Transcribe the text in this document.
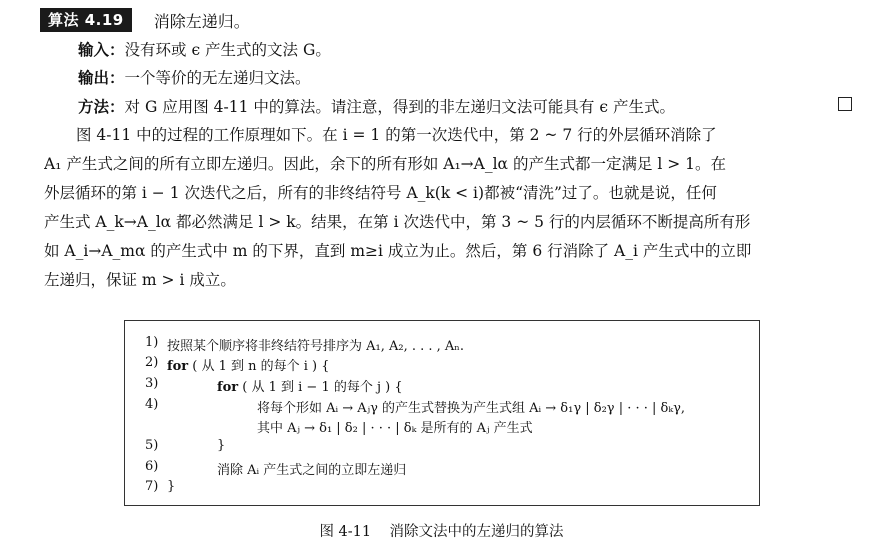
算法 4.19	消除左递归。
输入：没有环或 ϵ 产生式的文法 G。
输出：一个等价的无左递归文法。
方法：对 G 应用图 4-11 中的算法。请注意，得到的非左递归文法可能具有 ϵ 产生式。
图 4-11 中的过程的工作原理如下。在 i = 1 的第一次迭代中，第 2 ~ 7 行的外层循环消除了
A₁ 产生式之间的所有立即左递归。因此，余下的所有形如 A₁→A_lα 的产生式都一定满足 l > 1。在
外层循环的第 i − 1 次迭代之后，所有的非终结符号 A_k(k < i)都被“清洗”过了。也就是说，任何
产生式 A_k→A_lα 都必然满足 l > k。结果，在第 i 次迭代中，第 3 ~ 5 行的内层循环不断提高所有形
如 A_i→A_mα 的产生式中 m 的下界，直到 m≥i 成立为止。然后，第 6 行消除了 A_i 产生式中的立即
左递归，保证 m > i 成立。
1) 按照某个顺序将非终结符号排序为 A₁, A₂, . . . , Aₙ.
2) for ( 从 1 到 n 的每个 i ) {
3)	for ( 从 1 到 i − 1 的每个 j ) {
4)	将每个形如 Aᵢ → Aⱼγ 的产生式替换为产生式组 Aᵢ → δ₁γ | δ₂γ | · · · | δₖγ,
其中 Aⱼ → δ₁ | δ₂ | · · · | δₖ 是所有的 Aⱼ 产生式
5)	}
6)	消除 Aᵢ 产生式之间的立即左递归
7) }
图 4-11    消除文法中的左递归的算法
